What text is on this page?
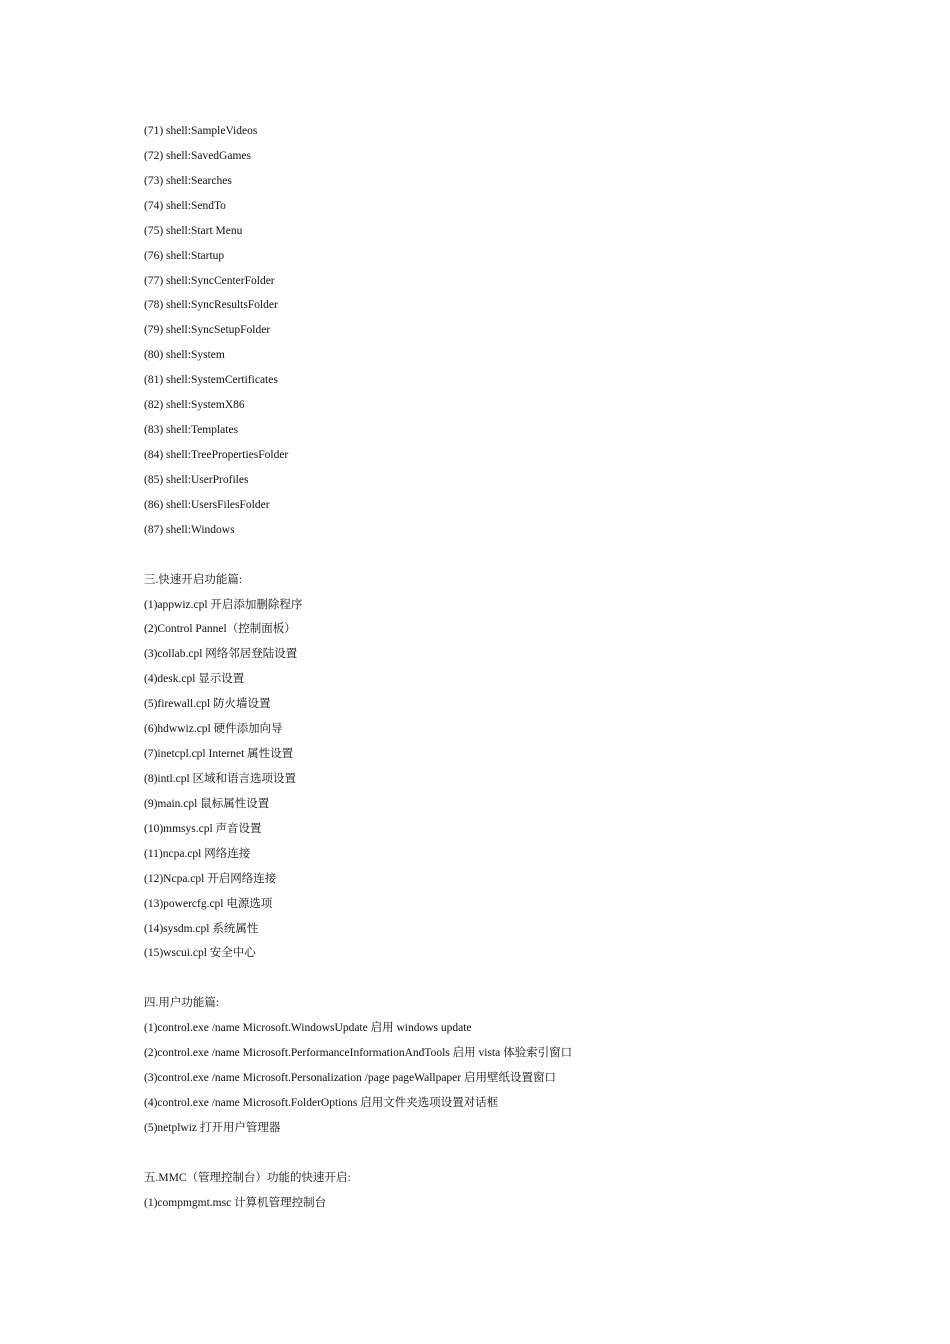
(71) shell:SampleVideos
(72) shell:SavedGames
(73) shell:Searches
(74) shell:SendTo
(75) shell:Start Menu
(76) shell:Startup
(77) shell:SyncCenterFolder
(78) shell:SyncResultsFolder
(79) shell:SyncSetupFolder
(80) shell:System
(81) shell:SystemCertificates
(82) shell:SystemX86
(83) shell:Templates
(84) shell:TreePropertiesFolder
(85) shell:UserProfiles
(86) shell:UsersFilesFolder
(87) shell:Windows
三.快速开启功能篇:
(1)appwiz.cpl 开启添加删除程序
(2)Control Pannel（控制面板）
(3)collab.cpl 网络邻居登陆设置
(4)desk.cpl 显示设置
(5)firewall.cpl 防火墙设置
(6)hdwwiz.cpl 硬件添加向导
(7)inetcpl.cpl Internet 属性设置
(8)intl.cpl 区域和语言选项设置
(9)main.cpl 鼠标属性设置
(10)mmsys.cpl 声音设置
(11)ncpa.cpl 网络连接
(12)Ncpa.cpl 开启网络连接
(13)powercfg.cpl 电源选项
(14)sysdm.cpl 系统属性
(15)wscui.cpl 安全中心
四.用户功能篇:
(1)control.exe /name Microsoft.WindowsUpdate 启用 windows update
(2)control.exe /name Microsoft.PerformanceInformationAndTools 启用 vista 体验索引窗口
(3)control.exe /name Microsoft.Personalization /page pageWallpaper 启用壁纸设置窗口
(4)control.exe /name Microsoft.FolderOptions 启用文件夹选项设置对话框
(5)netplwiz 打开用户管理器
五.MMC（管理控制台）功能的快速开启:
(1)compmgmt.msc 计算机管理控制台
